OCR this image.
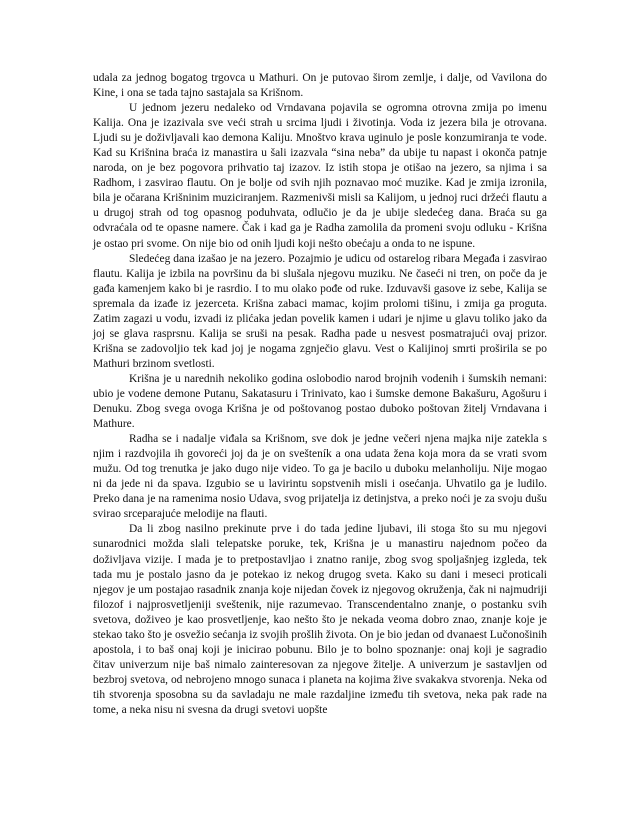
udala za jednog bogatog trgovca u Mathuri. On je putovao širom zemlje, i dalje, od Vavilona do Kine, i ona se tada tajno sastajala sa Krišnom.

U jednom jezeru nedaleko od Vrndavana pojavila se ogromna otrovna zmija po imenu Kalija. Ona je izazivala sve veći strah u srcima ljudi i životinja. Voda iz jezera bila je otrovana. Ljudi su je doživljavali kao demona Kaliju. Mnoštvo krava uginulo je posle konzumiranja te vode. Kad su Krišnina braća iz manastira u šali izazvala “sina neba” da ubije tu napast i okonča patnje naroda, on je bez pogovora prihvatio taj izazov. Iz istih stopa je otišao na jezero, sa njima i sa Radhom, i zasvirao flautu. On je bolje od svih njih poznavao moć muzike. Kad je zmija izronila, bila je očarana Krišninim muziciranjem. Razmenivši misli sa Kalijom, u jednoj ruci držeći flautu a u drugoj strah od tog opasnog poduhvata, odlučio je da je ubije sledećeg dana. Braća su ga odvraćala od te opasne namere. Čak i kad ga je Radha zamolila da promeni svoju odluku - Krišna je ostao pri svome. On nije bio od onih ljudi koji nešto obećaju a onda to ne ispune.

Sledećeg dana izašao je na jezero. Pozajmio je udicu od ostarelog ribara Megađa i zasvirao flautu. Kalija je izbila na površinu da bi slušala njegovu muziku. Ne časeći ni tren, on poče da je gađa kamenjem kako bi je rasrdio. I to mu olako pođe od ruke. Izduvavši gasove iz sebe, Kalija se spremala da izađe iz jezerceta. Krišna zabaci mamac, kojim prolomi tišinu, i zmija ga proguta. Zatim zagazi u vodu, izvadi iz plićaka jedan povelik kamen i udari je njime u glavu toliko jako da joj se glava rasprsnu. Kalija se sruši na pesak. Radha pade u nesvest posmatrajući ovaj prizor. Krišna se zadovoljio tek kad joj je nogama zgnječio glavu. Vest o Kalijinoj smrti proširila se po Mathuri brzinom svetlosti.

Krišna je u narednih nekoliko godina oslobodio narod brojnih vodenih i šumskih nemani: ubio je vodene demone Putanu, Sakatasuru i Trinivato, kao i šumske demone Bakašuru, Agošuru i Denuku. Zbog svega ovoga Krišna je od poštovanog postao duboko poštovan žitelj Vrndavana i Mathure.

Radha se i nadalje viđala sa Krišnom, sve dok je jedne večeri njena majka nije zatekla s njim i razdvojila ih govoreći joj da je on svešteník a ona udata žena koja mora da se vrati svom mužu. Od tog trenutka je jako dugo nije video. To ga je bacilo u duboku melanholiju. Nije mogao ni da jede ni da spava. Izgubio se u lavirintu sopstvenih misli i osećanja. Uhvatilo ga je ludilo. Preko dana je na ramenima nosio Udava, svog prijatelja iz detinjstva, a preko noći je za svoju dušu svirao srceparajuće melodije na flauti.

Da li zbog nasilno prekinute prve i do tada jedine ljubavi, ili stoga što su mu njegovi sunarodnici možda slali telepatske poruke, tek, Krišna je u manastiru najednom počeo da doživljava vizije. I mada je to pretpostavljao i znatno ranije, zbog svog spoljašnjeg izgleda, tek tada mu je postalo jasno da je potekao iz nekog drugog sveta. Kako su dani i meseci proticali njegov je um postajao rasadnik znanja koje nijedan čovek iz njegovog okruženja, čak ni najmudriji filozof i najprosvetljeniji sveštenik, nije razumevao. Transcendentalno znanje, o postanku svih svetova, doživeo je kao prosvetljenje, kao nešto što je nekada veoma dobro znao, znanje koje je stekao tako što je osvežio sećanja iz svojih prošlih života. On je bio jedan od dvanaest Lučonošinih apostola, i to baš onaj koji je inicirao pobunu. Bilo je to bolno spoznanje: onaj koji je sagradio čitav univerzum nije baš nimalo zainteresovan za njegove žitelje. A univerzum je sastavljen od bezbroj svetova, od nebrojeno mnogo sunaca i planeta na kojima žive svakakva stvorenja. Neka od tih stvorenja sposobna su da savladaju ne male razdaljine između tih svetova, neka pak rade na tome, a neka nisu ni svesna da drugi svetovi uopšte
